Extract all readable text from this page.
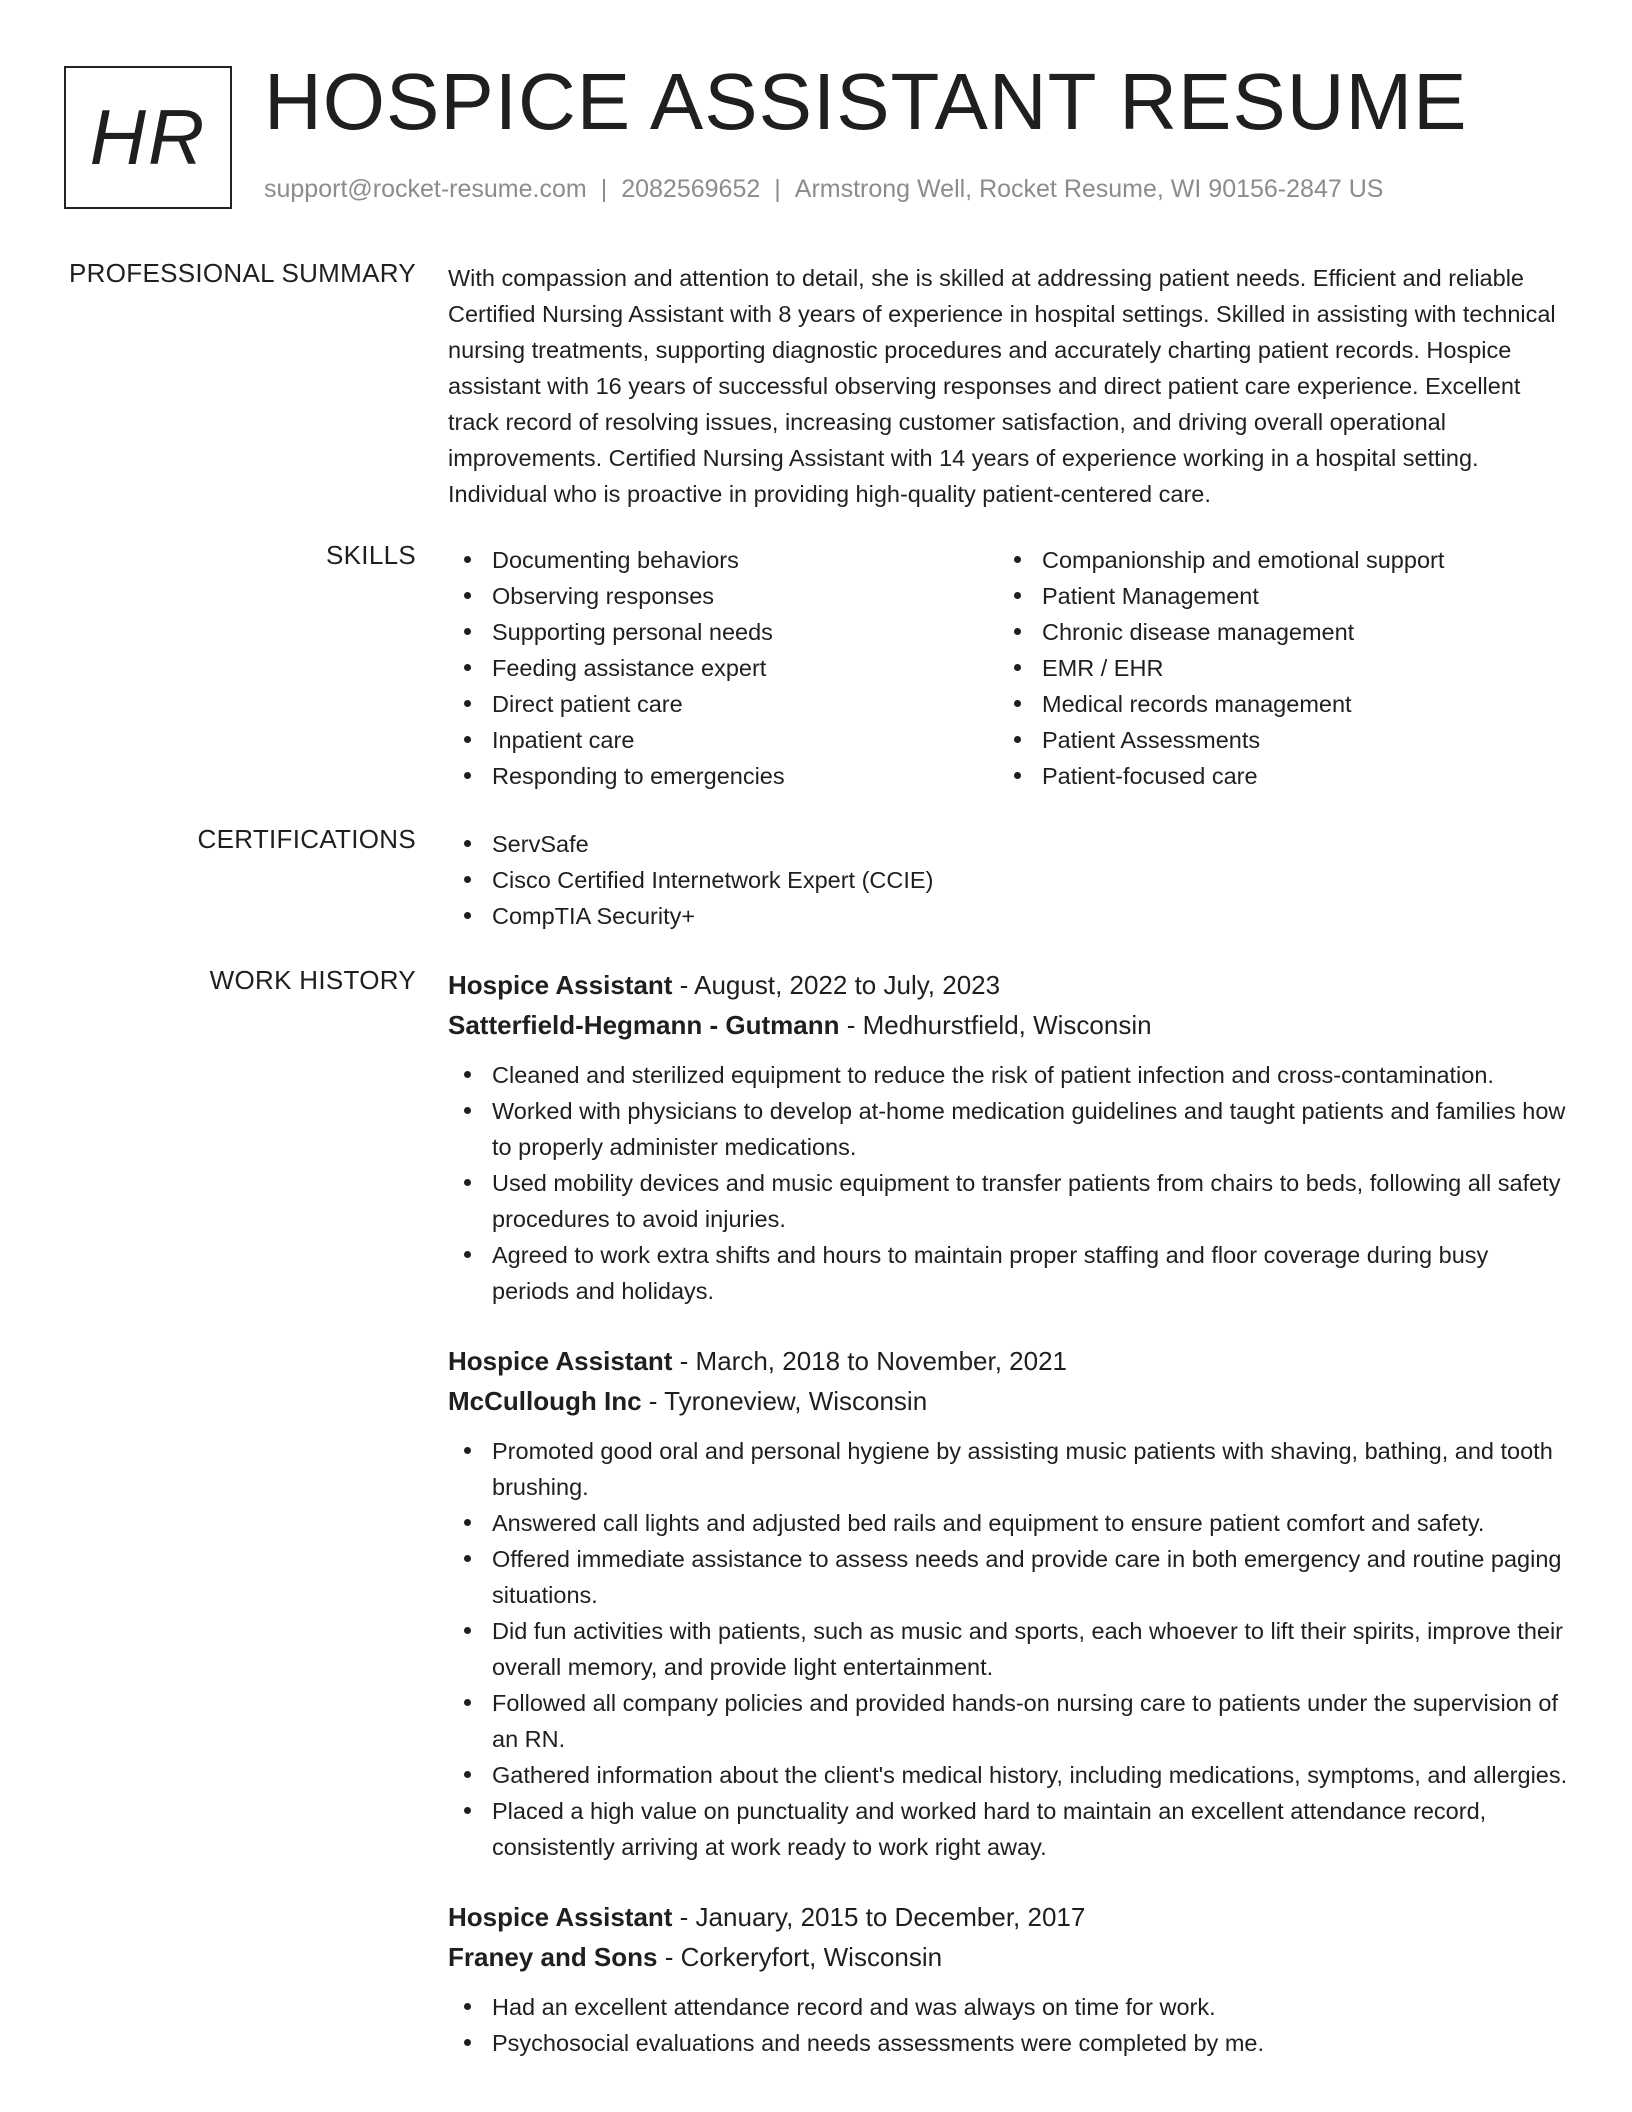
HR HOSPICE ASSISTANT RESUME
support@rocket-resume.com | 2082569652 | Armstrong Well, Rocket Resume, WI 90156-2847 US
PROFESSIONAL SUMMARY With compassion and attention to detail, she is skilled at addressing patient needs. Efficient and reliable Certified Nursing Assistant with 8 years of experience in hospital settings. Skilled in assisting with technical nursing treatments, supporting diagnostic procedures and accurately charting patient records. Hospice assistant with 16 years of successful observing responses and direct patient care experience. Excellent track record of resolving issues, increasing customer satisfaction, and driving overall operational improvements. Certified Nursing Assistant with 14 years of experience working in a hospital setting. Individual who is proactive in providing high-quality patient-centered care.
SKILLS	Documenting behaviors
Observing responses
Supporting personal needs
Feeding assistance expert
Direct patient care
Inpatient care
Responding to emergencies
Companionship and emotional support
Patient Management
Chronic disease management
EMR / EHR
Medical records management
Patient Assessments
Patient-focused care
CERTIFICATIONS	ServSafe
Cisco Certified Internetwork Expert (CCIE)
CompTIA Security+
WORK HISTORY Hospice Assistant - August, 2022 to July, 2023
Satterfield-Hegmann - Gutmann - Medhurstfield, Wisconsin
Cleaned and sterilized equipment to reduce the risk of patient infection and cross-contamination.
Worked with physicians to develop at-home medication guidelines and taught patients and families how to properly administer medications.
Used mobility devices and music equipment to transfer patients from chairs to beds, following all safety procedures to avoid injuries.
Agreed to work extra shifts and hours to maintain proper staffing and floor coverage during busy periods and holidays.
Hospice Assistant - March, 2018 to November, 2021
McCullough Inc - Tyroneview, Wisconsin
Promoted good oral and personal hygiene by assisting music patients with shaving, bathing, and tooth brushing.
Answered call lights and adjusted bed rails and equipment to ensure patient comfort and safety.
Offered immediate assistance to assess needs and provide care in both emergency and routine paging situations.
Did fun activities with patients, such as music and sports, each whoever to lift their spirits, improve their overall memory, and provide light entertainment.
Followed all company policies and provided hands-on nursing care to patients under the supervision of an RN.
Gathered information about the client's medical history, including medications, symptoms, and allergies.
Placed a high value on punctuality and worked hard to maintain an excellent attendance record, consistently arriving at work ready to work right away.
Hospice Assistant - January, 2015 to December, 2017
Franey and Sons - Corkeryfort, Wisconsin
Had an excellent attendance record and was always on time for work.
Psychosocial evaluations and needs assessments were completed by me.
